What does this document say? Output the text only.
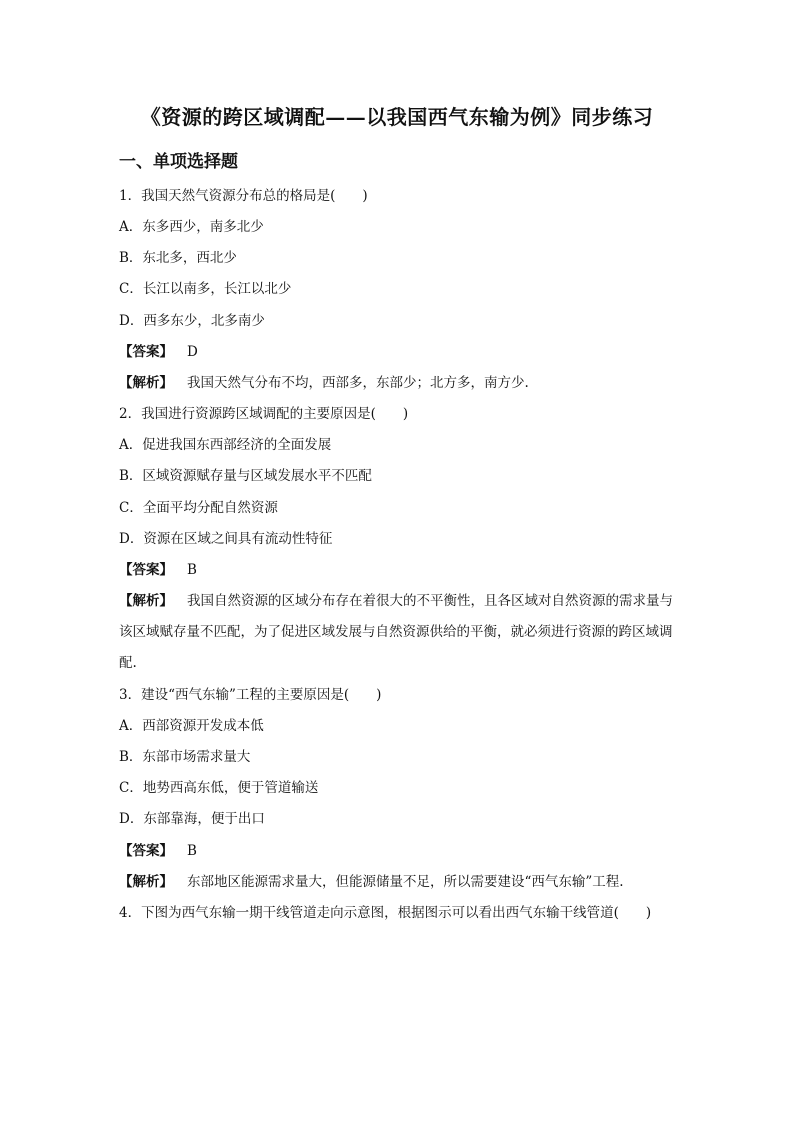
《资源的跨区域调配——以我国西气东输为例》同步练习
一、单项选择题
1．我国天然气资源分布总的格局是(　　)
A．东多西少，南多北少
B．东北多，西北少
C．长江以南多，长江以北少
D．西多东少，北多南少
【答案】 D
【解析】 我国天然气分布不均，西部多，东部少；北方多，南方少.
2．我国进行资源跨区域调配的主要原因是(　　)
A．促进我国东西部经济的全面发展
B．区域资源赋存量与区域发展水平不匹配
C．全面平均分配自然资源
D．资源在区域之间具有流动性特征
【答案】 B
【解析】 我国自然资源的区域分布存在着很大的不平衡性，且各区域对自然资源的需求量与该区域赋存量不匹配，为了促进区域发展与自然资源供给的平衡，就必须进行资源的跨区域调配.
3．建设“西气东输”工程的主要原因是(　　)
A．西部资源开发成本低
B．东部市场需求量大
C．地势西高东低，便于管道输送
D．东部靠海，便于出口
【答案】 B
【解析】 东部地区能源需求量大，但能源储量不足，所以需要建设“西气东输”工程.
4．下图为西气东输一期干线管道走向示意图，根据图示可以看出西气东输干线管道(　　)
